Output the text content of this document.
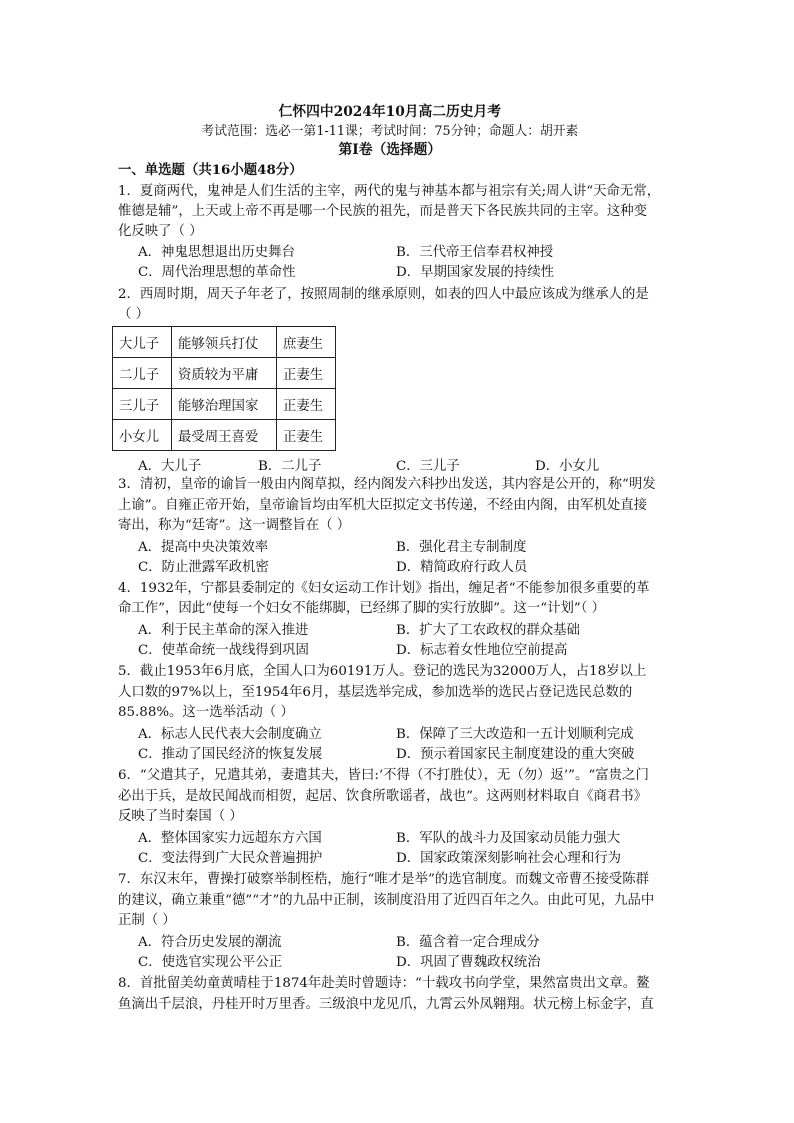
仁怀四中2024年10月高二历史月考
考试范围：选必一第1-11课；考试时间：75分钟；命题人：胡开素
第Ⅰ卷（选择题）
一、单选题（共16小题48分）
1．夏商两代，鬼神是人们生活的主宰，两代的鬼与神基本都与祖宗有关;周人讲“天命无常，
惟德是辅”，上天或上帝不再是哪一个民族的祖先，而是普天下各民族共同的主宰。这种变
化反映了（ ）
A．神鬼思想退出历史舞台	B．三代帝王信奉君权神授
C．周代治理思想的革命性	D．早期国家发展的持续性
2．西周时期，周天子年老了，按照周制的继承原则，如表的四人中最应该成为继承人的是
（ ）
大儿子	能够领兵打仗	庶妻生
二儿子	资质较为平庸	正妻生
三儿子	能够治理国家	正妻生
小女儿	最受周王喜爱	正妻生
A．大儿子	B．二儿子	C．三儿子	D．小女儿
3．清初，皇帝的谕旨一般由内阁草拟，经内阁发六科抄出发送，其内容是公开的，称“明发
上谕”。自雍正帝开始，皇帝谕旨均由军机大臣拟定文书传递，不经由内阁，由军机处直接
寄出，称为“廷寄”。这一调整旨在（ ）
A．提高中央决策效率	B．强化君主专制制度
C．防止泄露军政机密	D．精简政府行政人员
4．1932年，宁都县委制定的《妇女运动工作计划》指出，缠足者“不能参加很多重要的革
命工作”，因此“使每一个妇女不能绑脚，已经绑了脚的实行放脚”。这一“计划”（ ）
A．利于民主革命的深入推进	B．扩大了工农政权的群众基础
C．使革命统一战线得到巩固	D．标志着女性地位空前提高
5．截止1953年6月底，全国人口为60191万人。登记的选民为32000万人，占18岁以上
人口数的97%以上，至1954年6月，基层选举完成，参加选举的选民占登记选民总数的
85.88%。这一选举活动（ ）
A．标志人民代表大会制度确立	B．保障了三大改造和一五计划顺利完成
C．推动了国民经济的恢复发展	D．预示着国家民主制度建设的重大突破
6．“父遣其子，兄遣其弟，妻遣其夫，皆曰:‘不得（不打胜仗），无（勿）返’”。“富贵之门
必出于兵，是故民闻战而相贺，起居、饮食所歌谣者，战也”。这两则材料取自《商君书》
反映了当时秦国（ ）
A．整体国家实力远超东方六国	B．军队的战斗力及国家动员能力强大
C．变法得到广大民众普遍拥护	D．国家政策深刻影响社会心理和行为
7．东汉末年，曹操打破察举制桎梏，施行“唯才是举”的选官制度。而魏文帝曹丕接受陈群
的建议，确立兼重“德”“才”的九品中正制，该制度沿用了近四百年之久。由此可见，九品中
正制（ ）
A．符合历史发展的潮流	B．蕴含着一定合理成分
C．使选官实现公平公正	D．巩固了曹魏政权统治
8．首批留美幼童黄晴桂于1874年赴美时曾题诗：“十载攻书向学堂，果然富贵出文章。鳌
鱼滴出千层浪，丹桂开时万里香。三级浪中龙见爪，九霄云外凤翱翔。状元榜上标金字，直
